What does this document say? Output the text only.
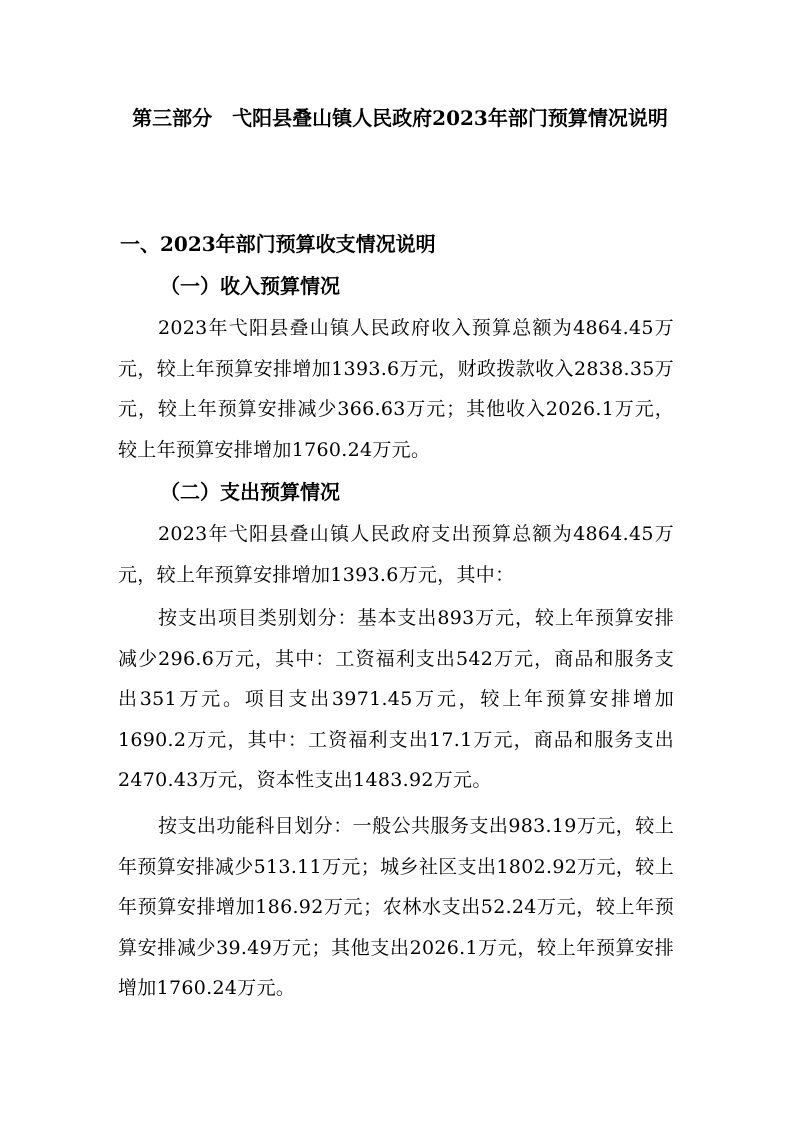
第三部分　弋阳县叠山镇人民政府2023年部门预算情况说明

一、2023年部门预算收支情况说明

（一）收入预算情况

2023年弋阳县叠山镇人民政府收入预算总额为4864.45万元，较上年预算安排增加1393.6万元，财政拨款收入2838.35万元，较上年预算安排减少366.63万元；其他收入2026.1万元，较上年预算安排增加1760.24万元。

（二）支出预算情况

2023年弋阳县叠山镇人民政府支出预算总额为4864.45万元，较上年预算安排增加1393.6万元，其中：

按支出项目类别划分：基本支出893万元，较上年预算安排减少296.6万元，其中：工资福利支出542万元，商品和服务支出351万元。项目支出3971.45万元，较上年预算安排增加1690.2万元，其中：工资福利支出17.1万元，商品和服务支出2470.43万元，资本性支出1483.92万元。

按支出功能科目划分：一般公共服务支出983.19万元，较上年预算安排减少513.11万元；城乡社区支出1802.92万元，较上年预算安排增加186.92万元；农林水支出52.24万元，较上年预算安排减少39.49万元；其他支出2026.1万元，较上年预算安排增加1760.24万元。
